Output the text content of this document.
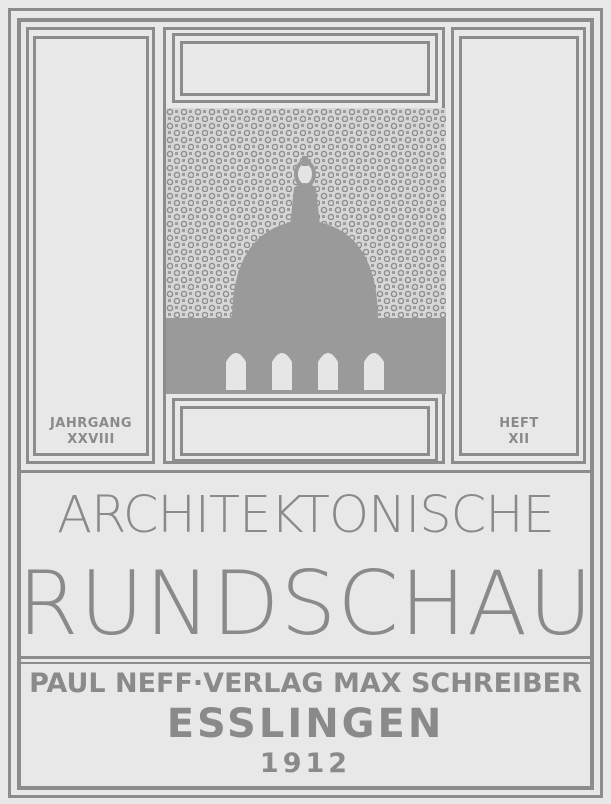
JAHRGANG
XXVIII
HEFT
XII
ARCHITEKTONISCHE
RUNDSCHAU
PAUL NEFF·VERLAG MAX SCHREIBER
ESSLINGEN
1912
